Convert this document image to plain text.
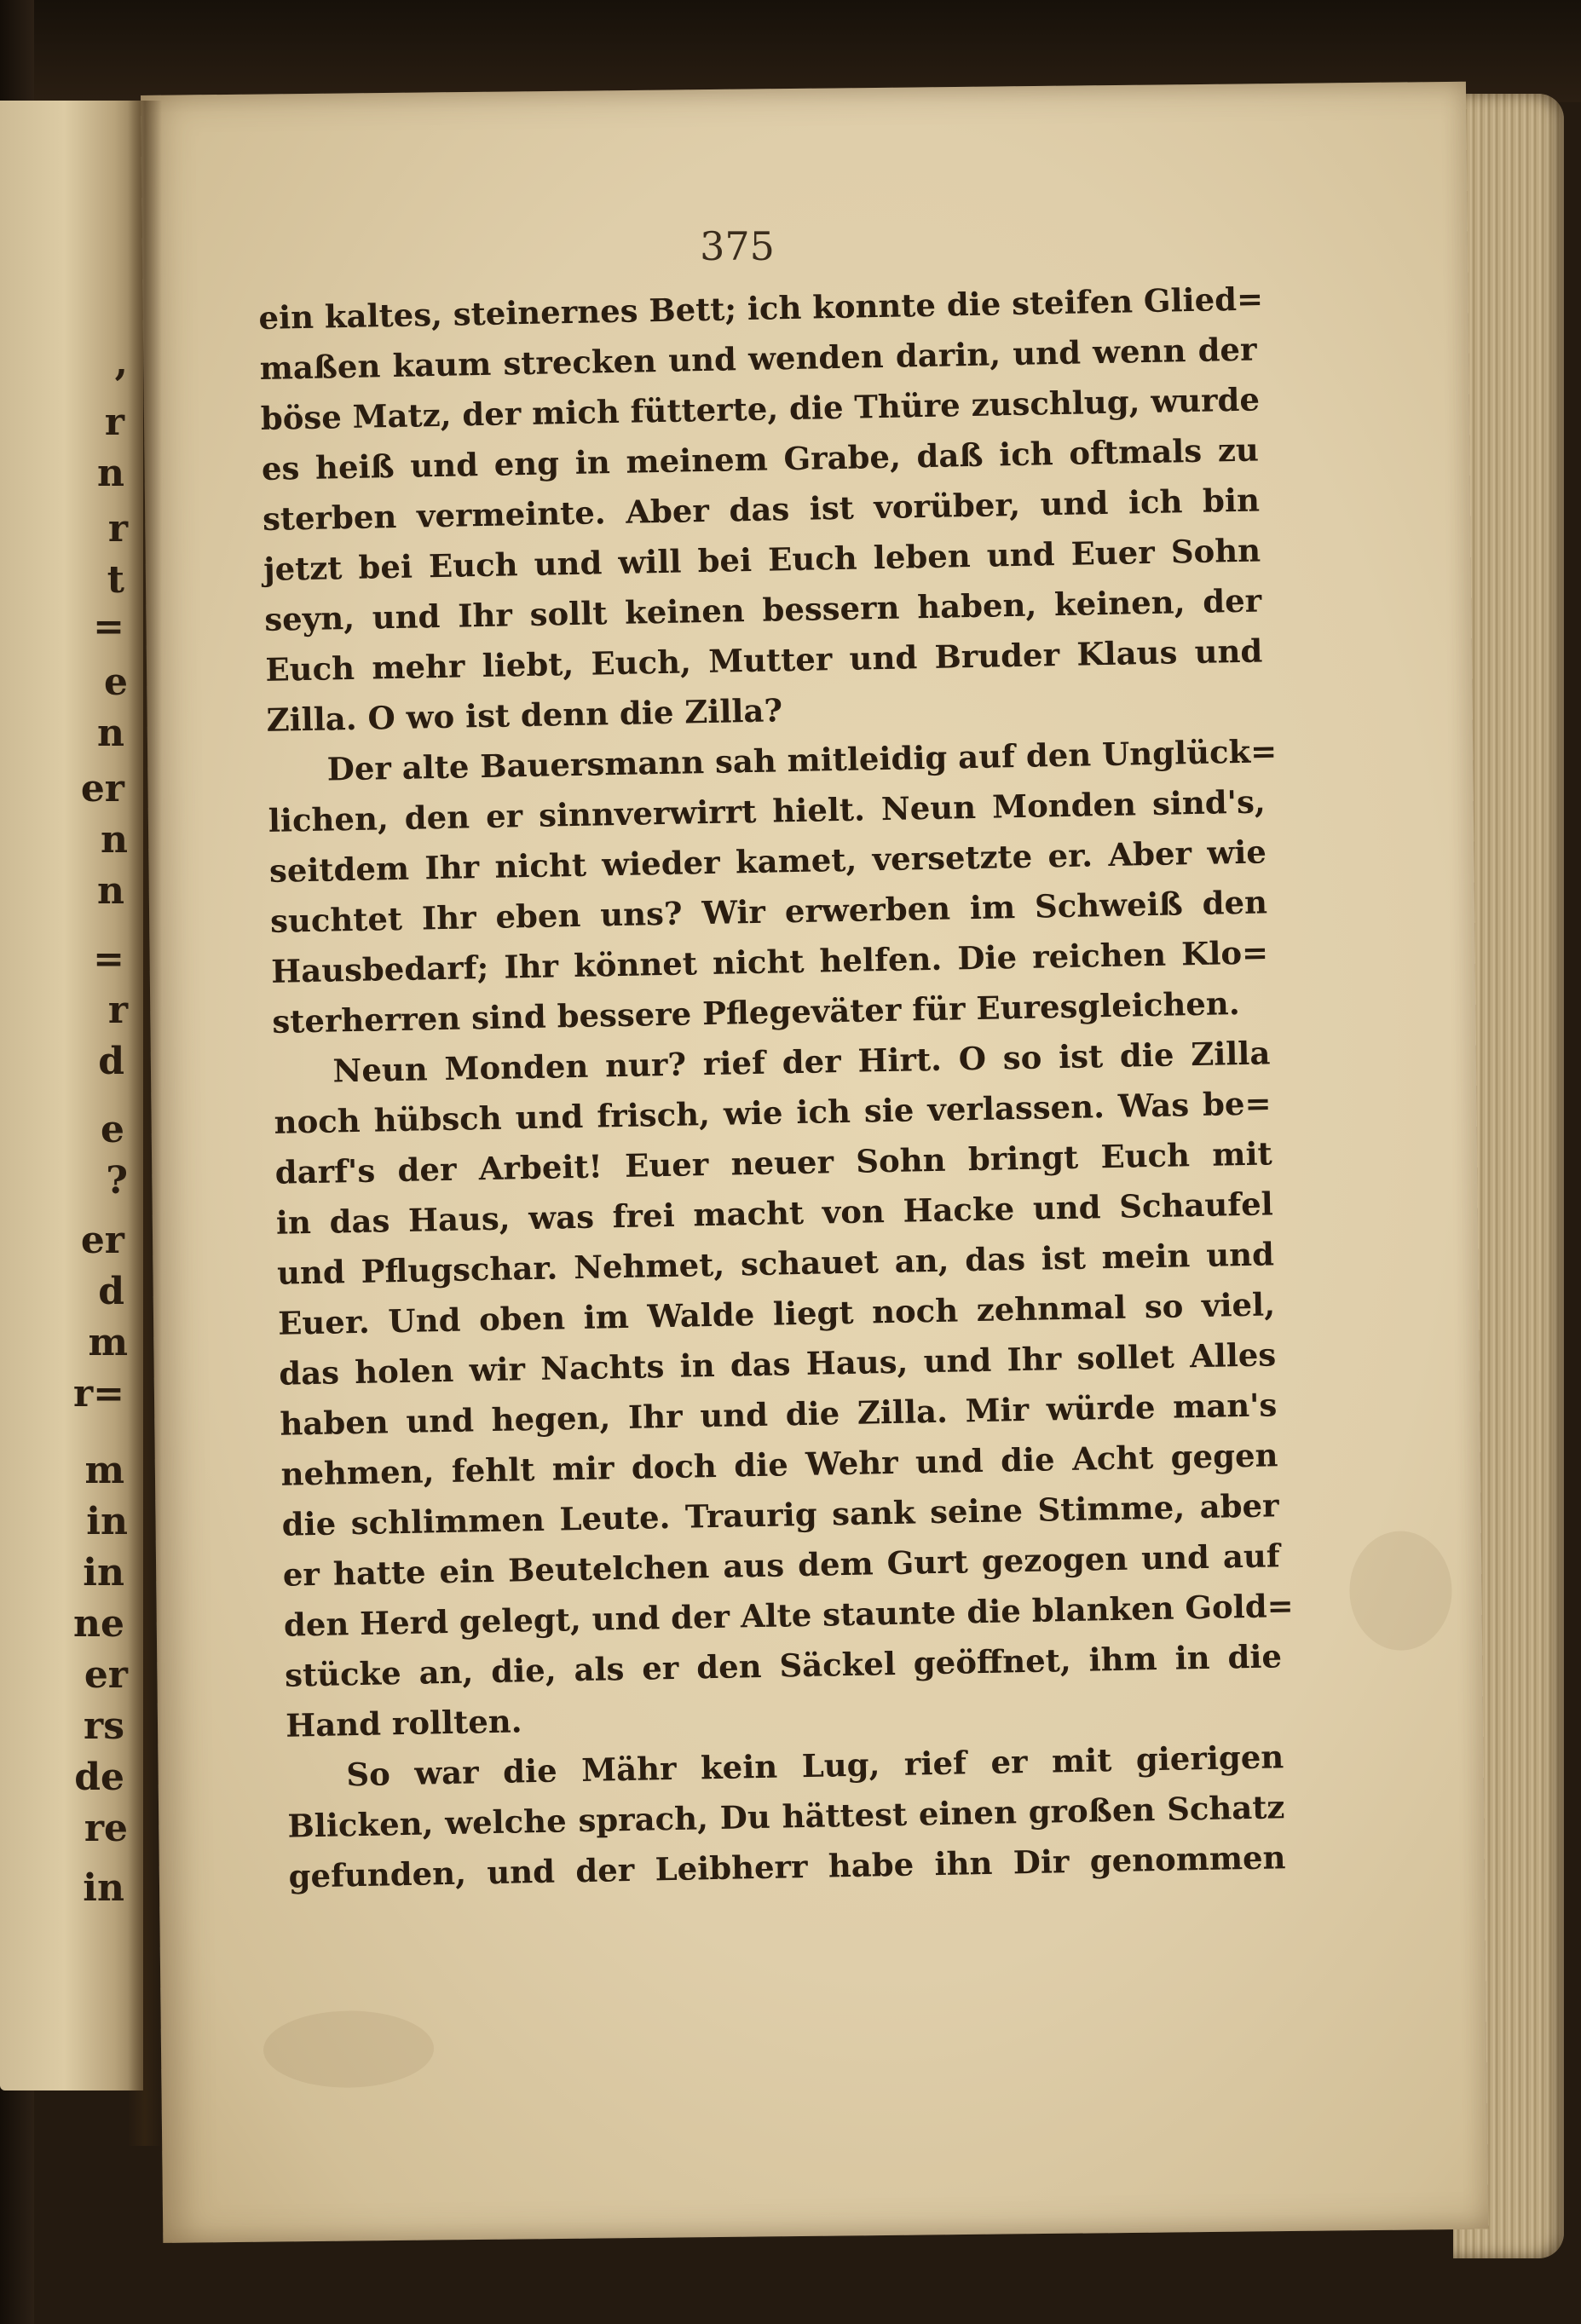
,
r
n
r
t
=
e
n
er
n
n
=
r
d
e
?
er
d
m
r=
m
in
in
ne
er
rs
de
re
in
375
ein kaltes, steinernes Bett; ich konnte die steifen Glied=
maßen kaum strecken und wenden darin, und wenn der
böse Matz, der mich fütterte, die Thüre zuschlug, wurde
es heiß und eng in meinem Grabe, daß ich oftmals zu
sterben vermeinte. Aber das ist vorüber, und ich bin
jetzt bei Euch und will bei Euch leben und Euer Sohn
seyn, und Ihr sollt keinen bessern haben, keinen, der
Euch mehr liebt, Euch, Mutter und Bruder Klaus und
Zilla. O wo ist denn die Zilla?
Der alte Bauersmann sah mitleidig auf den Unglück=
lichen, den er sinnverwirrt hielt. Neun Monden sind's,
seitdem Ihr nicht wieder kamet, versetzte er. Aber wie
suchtet Ihr eben uns? Wir erwerben im Schweiß den
Hausbedarf; Ihr könnet nicht helfen. Die reichen Klo=
sterherren sind bessere Pflegeväter für Euresgleichen.
Neun Monden nur? rief der Hirt. O so ist die Zilla
noch hübsch und frisch, wie ich sie verlassen. Was be=
darf's der Arbeit! Euer neuer Sohn bringt Euch mit
in das Haus, was frei macht von Hacke und Schaufel
und Pflugschar. Nehmet, schauet an, das ist mein und
Euer. Und oben im Walde liegt noch zehnmal so viel,
das holen wir Nachts in das Haus, und Ihr sollet Alles
haben und hegen, Ihr und die Zilla. Mir würde man's
nehmen, fehlt mir doch die Wehr und die Acht gegen
die schlimmen Leute. Traurig sank seine Stimme, aber
er hatte ein Beutelchen aus dem Gurt gezogen und auf
den Herd gelegt, und der Alte staunte die blanken Gold=
stücke an, die, als er den Säckel geöffnet, ihm in die
Hand rollten.
So war die Mähr kein Lug, rief er mit gierigen
Blicken, welche sprach, Du hättest einen großen Schatz
gefunden, und der Leibherr habe ihn Dir genommen
